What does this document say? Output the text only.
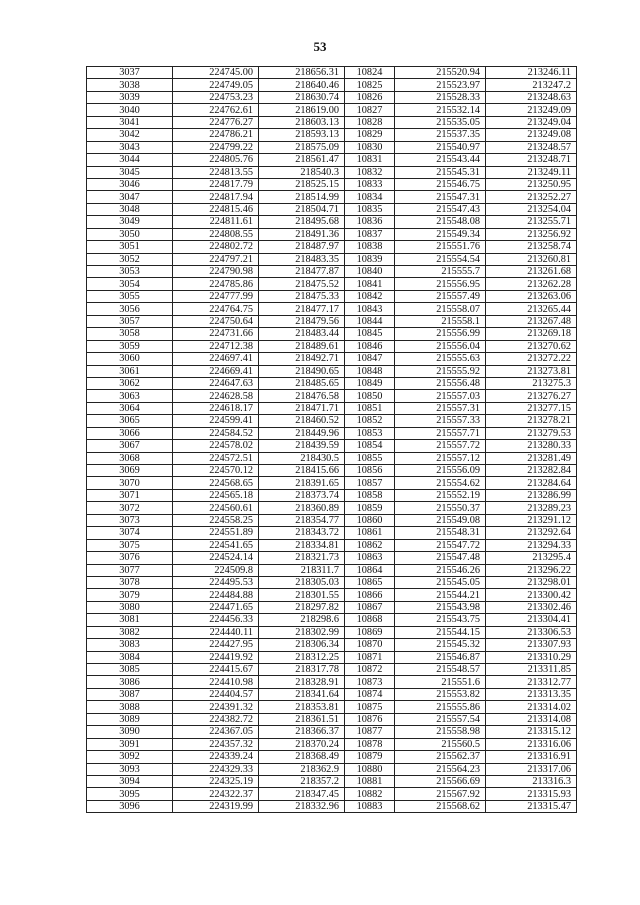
53
3037	224745.00	218656.31	10824	215520.94	213246.11
3038	224749.05	218640.46	10825	215523.97	213247.2
3039	224753.23	218630.74	10826	215528.33	213248.63
3040	224762.61	218619.00	10827	215532.14	213249.09
3041	224776.27	218603.13	10828	215535.05	213249.04
3042	224786.21	218593.13	10829	215537.35	213249.08
3043	224799.22	218575.09	10830	215540.97	213248.57
3044	224805.76	218561.47	10831	215543.44	213248.71
3045	224813.55	218540.3	10832	215545.31	213249.11
3046	224817.79	218525.15	10833	215546.75	213250.95
3047	224817.94	218514.99	10834	215547.31	213252.27
3048	224815.46	218504.71	10835	215547.43	213254.04
3049	224811.61	218495.68	10836	215548.08	213255.71
3050	224808.55	218491.36	10837	215549.34	213256.92
3051	224802.72	218487.97	10838	215551.76	213258.74
3052	224797.21	218483.35	10839	215554.54	213260.81
3053	224790.98	218477.87	10840	215555.7	213261.68
3054	224785.86	218475.52	10841	215556.95	213262.28
3055	224777.99	218475.33	10842	215557.49	213263.06
3056	224764.75	218477.17	10843	215558.07	213265.44
3057	224750.64	218479.56	10844	215558.1	213267.48
3058	224731.66	218483.44	10845	215556.99	213269.18
3059	224712.38	218489.61	10846	215556.04	213270.62
3060	224697.41	218492.71	10847	215555.63	213272.22
3061	224669.41	218490.65	10848	215555.92	213273.81
3062	224647.63	218485.65	10849	215556.48	213275.3
3063	224628.58	218476.58	10850	215557.03	213276.27
3064	224618.17	218471.71	10851	215557.31	213277.15
3065	224599.41	218460.52	10852	215557.33	213278.21
3066	224584.52	218449.96	10853	215557.71	213279.53
3067	224578.02	218439.59	10854	215557.72	213280.33
3068	224572.51	218430.5	10855	215557.12	213281.49
3069	224570.12	218415.66	10856	215556.09	213282.84
3070	224568.65	218391.65	10857	215554.62	213284.64
3071	224565.18	218373.74	10858	215552.19	213286.99
3072	224560.61	218360.89	10859	215550.37	213289.23
3073	224558.25	218354.77	10860	215549.08	213291.12
3074	224551.89	218343.72	10861	215548.31	213292.64
3075	224541.65	218334.81	10862	215547.72	213294.33
3076	224524.14	218321.73	10863	215547.48	213295.4
3077	224509.8	218311.7	10864	215546.26	213296.22
3078	224495.53	218305.03	10865	215545.05	213298.01
3079	224484.88	218301.55	10866	215544.21	213300.42
3080	224471.65	218297.82	10867	215543.98	213302.46
3081	224456.33	218298.6	10868	215543.75	213304.41
3082	224440.11	218302.99	10869	215544.15	213306.53
3083	224427.95	218306.34	10870	215545.32	213307.93
3084	224419.92	218312.25	10871	215546.87	213310.29
3085	224415.67	218317.78	10872	215548.57	213311.85
3086	224410.98	218328.91	10873	215551.6	213312.77
3087	224404.57	218341.64	10874	215553.82	213313.35
3088	224391.32	218353.81	10875	215555.86	213314.02
3089	224382.72	218361.51	10876	215557.54	213314.08
3090	224367.05	218366.37	10877	215558.98	213315.12
3091	224357.32	218370.24	10878	215560.5	213316.06
3092	224339.24	218368.49	10879	215562.37	213316.91
3093	224329.33	218362.9	10880	215564.23	213317.06
3094	224325.19	218357.2	10881	215566.69	213316.3
3095	224322.37	218347.45	10882	215567.92	213315.93
3096	224319.99	218332.96	10883	215568.62	213315.47
